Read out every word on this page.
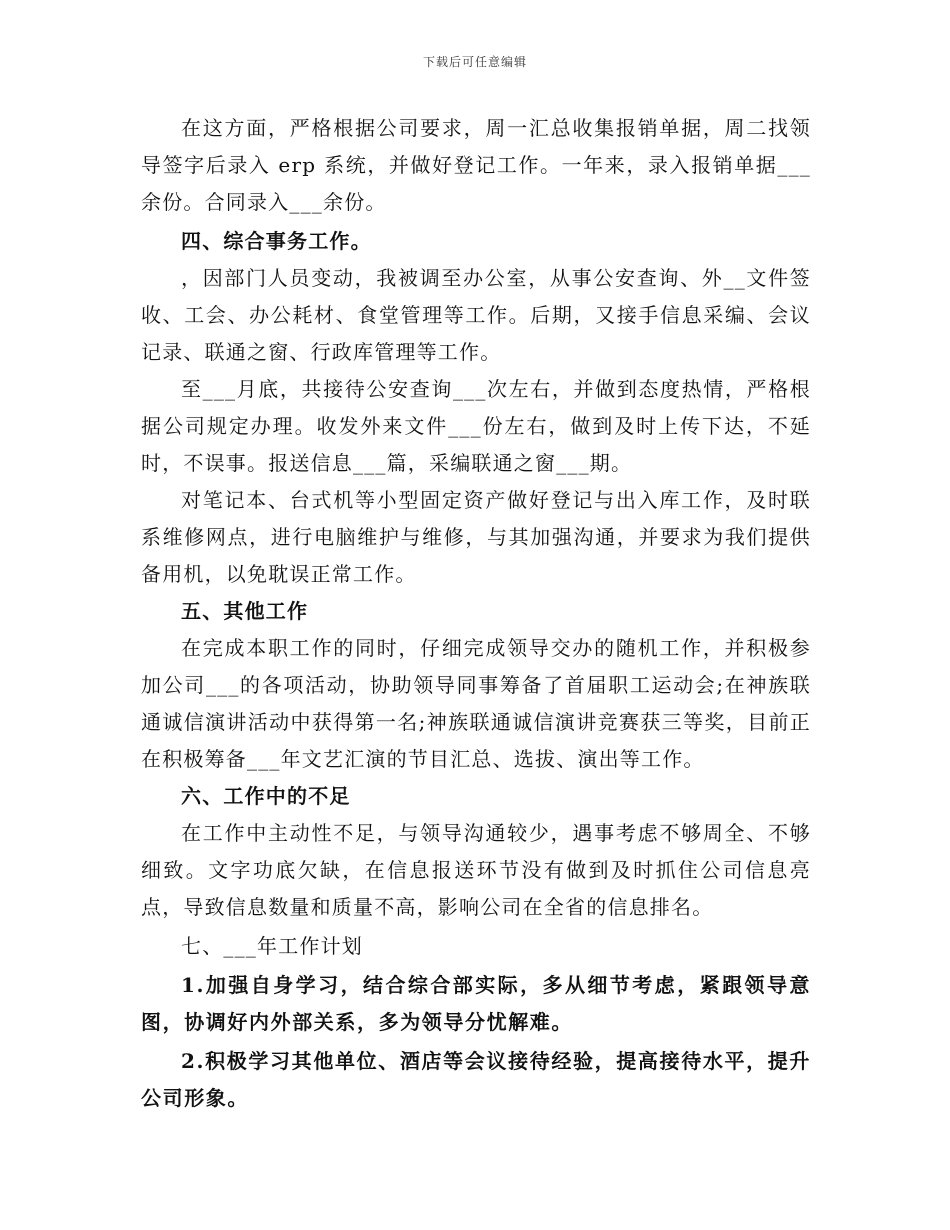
下载后可任意编辑

在这方面，严格根据公司要求，周一汇总收集报销单据，周二找领导签字后录入 erp 系统，并做好登记工作。一年来，录入报销单据___余份。合同录入___余份。

四、综合事务工作。

，因部门人员变动，我被调至办公室，从事公安查询、外__文件签收、工会、办公耗材、食堂管理等工作。后期，又接手信息采编、会议记录、联通之窗、行政库管理等工作。

至___月底，共接待公安查询___次左右，并做到态度热情，严格根据公司规定办理。收发外来文件___份左右，做到及时上传下达，不延时，不误事。报送信息___篇，采编联通之窗___期。

对笔记本、台式机等小型固定资产做好登记与出入库工作，及时联系维修网点，进行电脑维护与维修，与其加强沟通，并要求为我们提供备用机，以免耽误正常工作。

五、其他工作

在完成本职工作的同时，仔细完成领导交办的随机工作，并积极参加公司___的各项活动，协助领导同事筹备了首届职工运动会;在神族联通诚信演讲活动中获得第一名;神族联通诚信演讲竞赛获三等奖，目前正在积极筹备___年文艺汇演的节目汇总、选拔、演出等工作。

六、工作中的不足

在工作中主动性不足，与领导沟通较少，遇事考虑不够周全、不够细致。文字功底欠缺，在信息报送环节没有做到及时抓住公司信息亮点，导致信息数量和质量不高，影响公司在全省的信息排名。

七、___年工作计划

1.加强自身学习，结合综合部实际，多从细节考虑，紧跟领导意图，协调好内外部关系，多为领导分忧解难。

2.积极学习其他单位、酒店等会议接待经验，提高接待水平，提升公司形象。
